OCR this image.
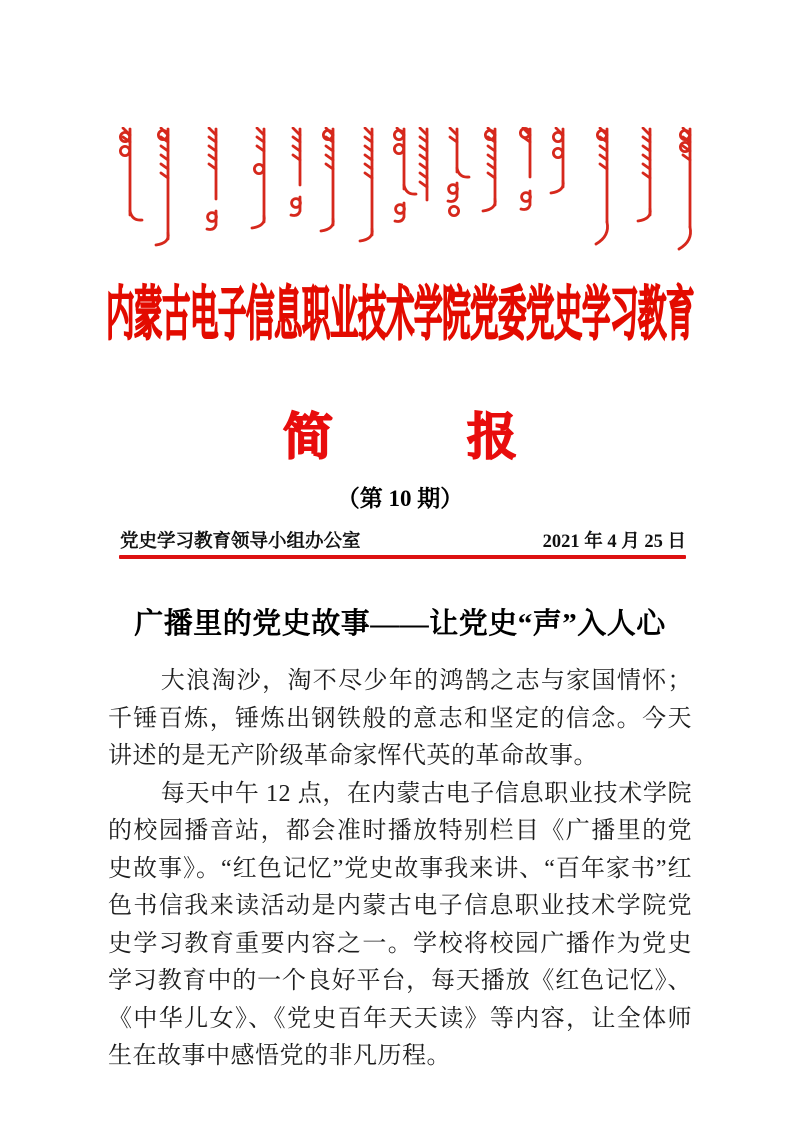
内蒙古电子信息职业技术学院党委党史学习教育
简	报
（第 10 期）
党史学习教育领导小组办公室	2021 年 4 月 25 日
广播里的党史故事——让党史“声”入人心

大浪淘沙，淘不尽少年的鸿鹄之志与家国情怀；千锤百炼，锤炼出钢铁般的意志和坚定的信念。今天讲述的是无产阶级革命家恽代英的革命故事。

每天中午 12 点，在内蒙古电子信息职业技术学院的校园播音站，都会准时播放特别栏目《广播里的党史故事》。“红色记忆”党史故事我来讲、“百年家书”红色书信我来读活动是内蒙古电子信息职业技术学院党史学习教育重要内容之一。学校将校园广播作为党史学习教育中的一个良好平台，每天播放《红色记忆》、《中华儿女》、《党史百年天天读》等内容，让全体师生在故事中感悟党的非凡历程。
